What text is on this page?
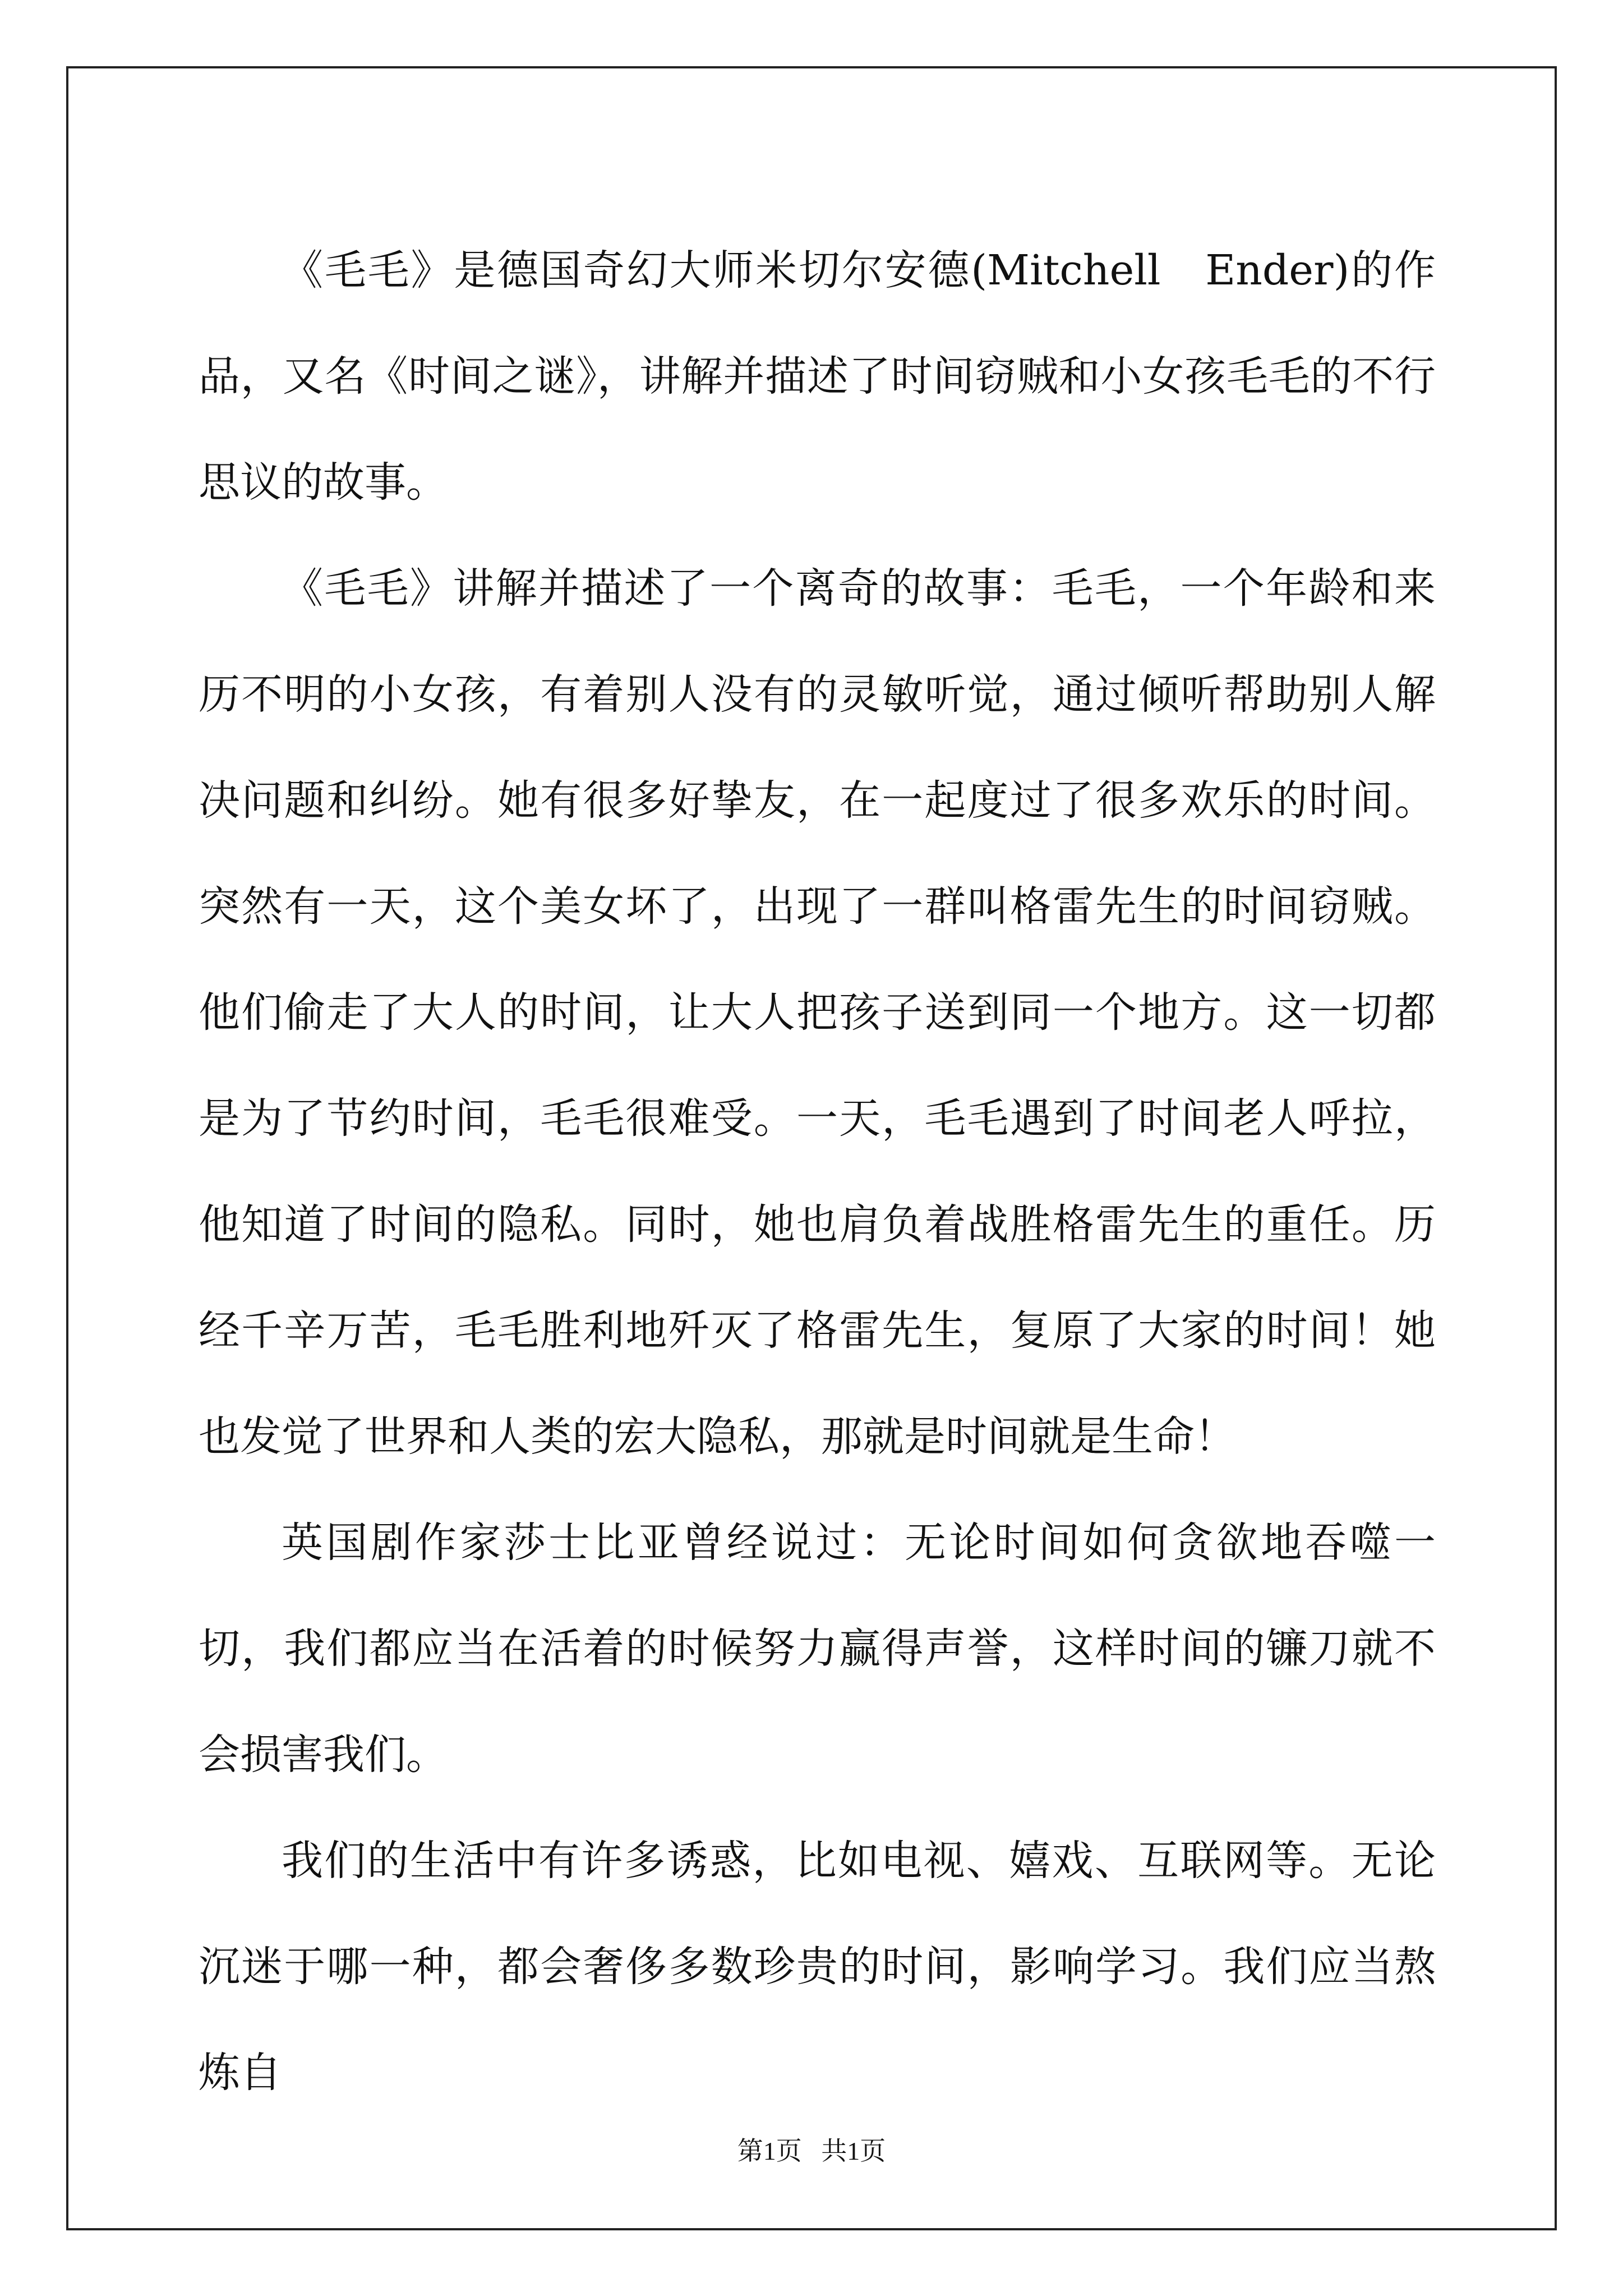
《毛毛》是德国奇幻大师米切尔安德(Mitchell　Ender)的作品，又名《时间之谜》，讲解并描述了时间窃贼和小女孩毛毛的不行思议的故事。

《毛毛》讲解并描述了一个离奇的故事：毛毛，一个年龄和来历不明的小女孩，有着别人没有的灵敏听觉，通过倾听帮助别人解决问题和纠纷。她有很多好挚友，在一起度过了很多欢乐的时间。突然有一天，这个美女坏了，出现了一群叫格雷先生的时间窃贼。他们偷走了大人的时间，让大人把孩子送到同一个地方。这一切都是为了节约时间，毛毛很难受。一天，毛毛遇到了时间老人呼拉，他知道了时间的隐私。同时，她也肩负着战胜格雷先生的重任。历经千辛万苦，毛毛胜利地歼灭了格雷先生，复原了大家的时间！她也发觉了世界和人类的宏大隐私，那就是时间就是生命！

英国剧作家莎士比亚曾经说过：无论时间如何贪欲地吞噬一切，我们都应当在活着的时候努力赢得声誉，这样时间的镰刀就不会损害我们。

我们的生活中有许多诱惑，比如电视、嬉戏、互联网等。无论沉迷于哪一种，都会奢侈多数珍贵的时间，影响学习。我们应当熬炼自

第1页   共1页
